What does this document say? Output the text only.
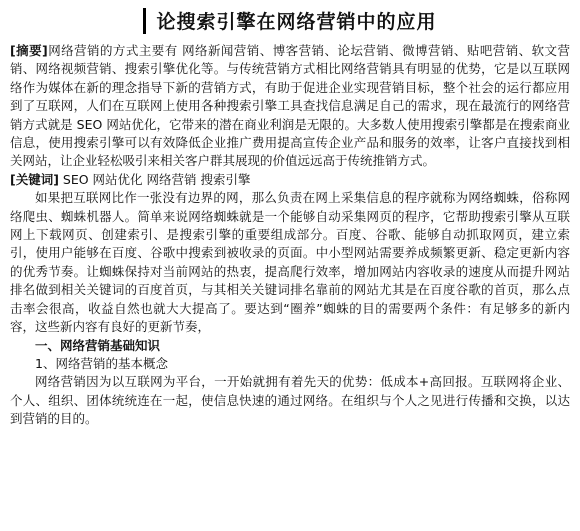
论搜索引擎在网络营销中的应用

[摘要]网络营销的方式主要有 网络新闻营销、博客营销、论坛营销、微博营销、贴吧营销、软文营销、网络视频营销、搜索引擎优化等。与传统营销方式相比网络营销具有明显的优势，它是以互联网络作为媒体在新的理念指导下新的营销方式，有助于促进企业实现营销目标，整个社会的运行都应用到了互联网，人们在互联网上使用各种搜索引擎工具查找信息满足自己的需求，现在最流行的网络营销方式就是 SEO 网站优化，它带来的潜在商业利润是无限的。大多数人使用搜索引擎都是在搜索商业信息，使用搜索引擎可以有效降低企业推广费用提高宣传企业产品和服务的效率，让客户直接找到相关网站，让企业轻松吸引来相关客户群其展现的价值远远高于传统推销方式。

[关键词] SEO 网站优化 网络营销 搜索引擎

如果把互联网比作一张没有边界的网，那么负责在网上采集信息的程序就称为网络蜘蛛，俗称网络爬虫、蜘蛛机器人。简单来说网络蜘蛛就是一个能够自动采集网页的程序，它帮助搜索引擎从互联网上下载网页、创建索引、是搜索引擎的重要组成部分。百度、谷歌、能够自动抓取网页，建立索引，使用户能够在百度、谷歌中搜索到被收录的页面。中小型网站需要养成频繁更新、稳定更新内容的优秀节奏。让蜘蛛保持对当前网站的热衷，提高爬行效率，增加网站内容收录的速度从而提升网站排名做到相关关键词的百度首页，与其相关关键词排名靠前的网站尤其是在百度谷歌的首页，那么点击率会很高，收益自然也就大大提高了。要达到“圈养”蜘蛛的目的需要两个条件：有足够多的新内容，这些新内容有良好的更新节奏，

一、网络营销基础知识

1、网络营销的基本概念

网络营销因为以互联网为平台，一开始就拥有着先天的优势：低成本+高回报。互联网将企业、个人、组织、团体统统连在一起，使信息快速的通过网络。在组织与个人之见进行传播和交换，以达到营销的目的。
